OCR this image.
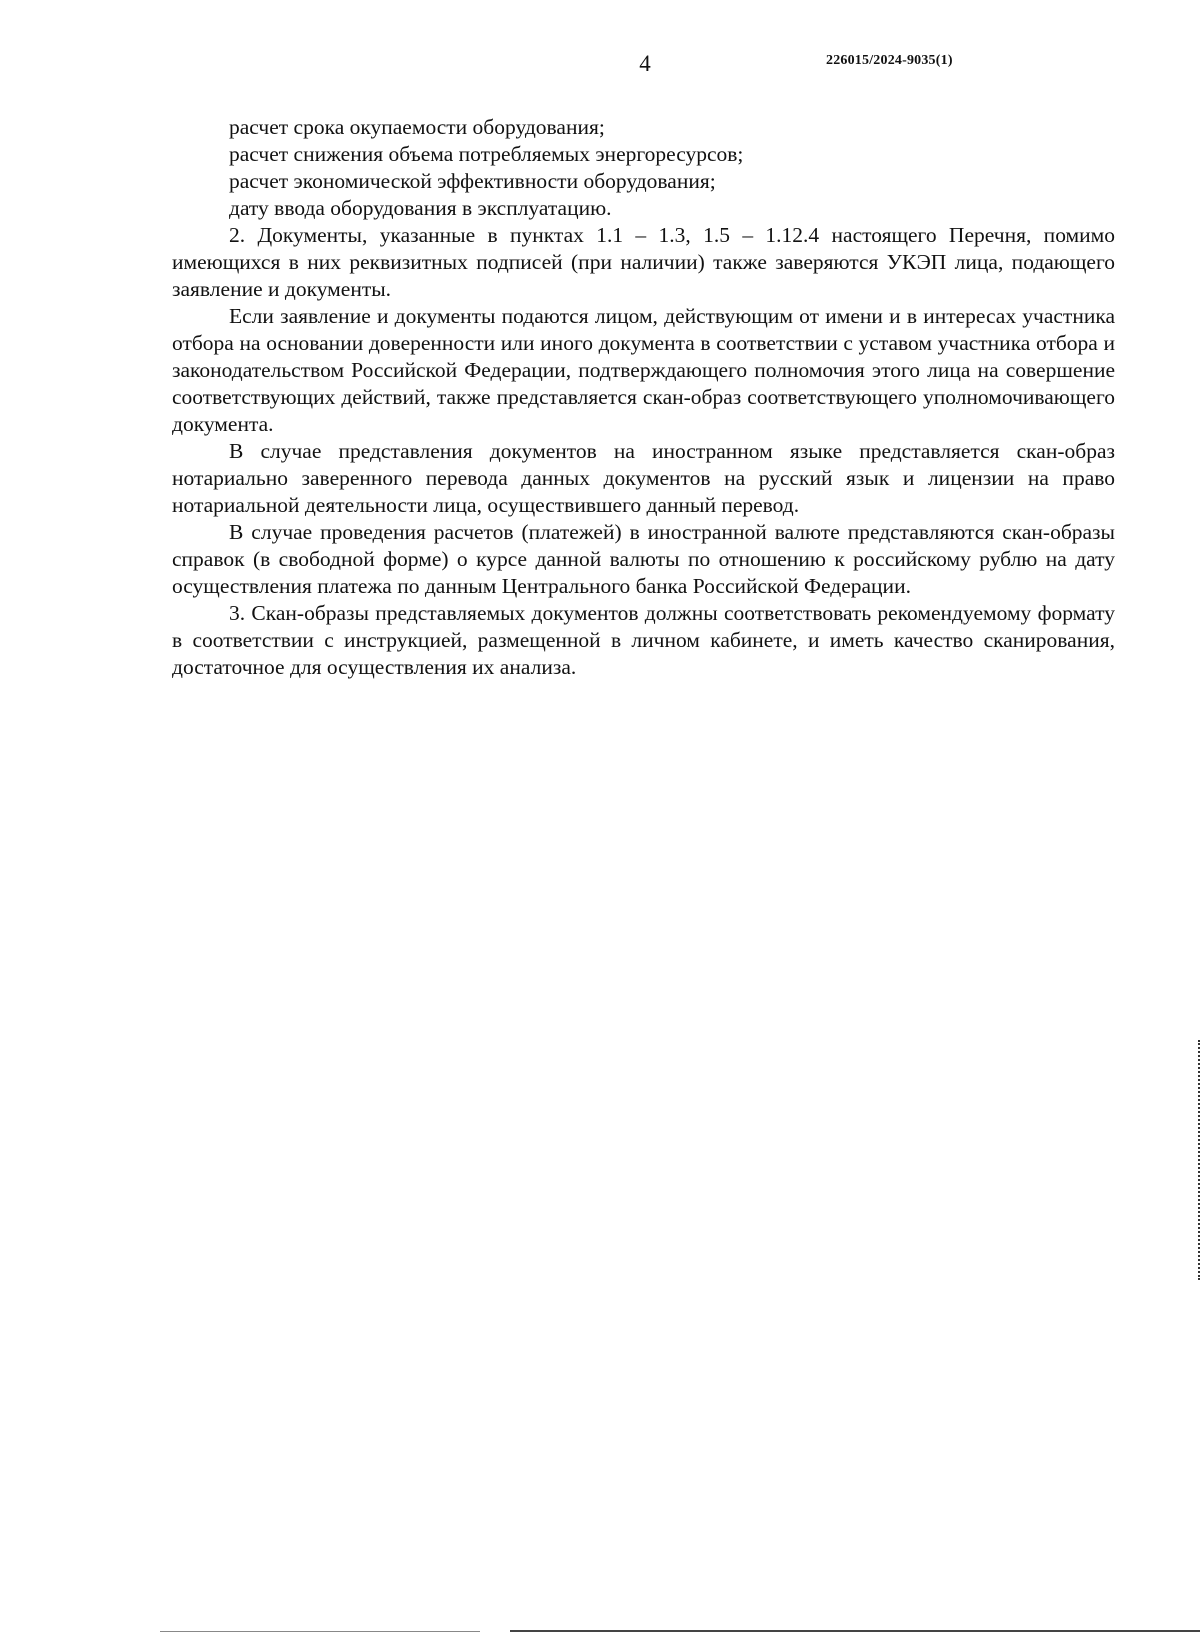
4	226015/2024-9035(1)

расчет срока окупаемости оборудования;

расчет снижения объема потребляемых энергоресурсов;

расчет экономической эффективности оборудования;

дату ввода оборудования в эксплуатацию.

2. Документы, указанные в пунктах 1.1 – 1.3, 1.5 – 1.12.4 настоящего Перечня, помимо имеющихся в них реквизитных подписей (при наличии) также заверяются УКЭП лица, подающего заявление и документы.

Если заявление и документы подаются лицом, действующим от имени и в интересах участника отбора на основании доверенности или иного документа в соответствии с уставом участника отбора и законодательством Российской Федерации, подтверждающего полномочия этого лица на совершение соответствующих действий, также представляется скан-образ соответствующего уполномочивающего документа.

В случае представления документов на иностранном языке представляется скан-образ нотариально заверенного перевода данных документов на русский язык и лицензии на право нотариальной деятельности лица, осуществившего данный перевод.

В случае проведения расчетов (платежей) в иностранной валюте представляются скан-образы справок (в свободной форме) о курсе данной валюты по отношению к российскому рублю на дату осуществления платежа по данным Центрального банка Российской Федерации.

3. Скан-образы представляемых документов должны соответствовать рекомендуемому формату в соответствии с инструкцией, размещенной в личном кабинете, и иметь качество сканирования, достаточное для осуществления их анализа.
